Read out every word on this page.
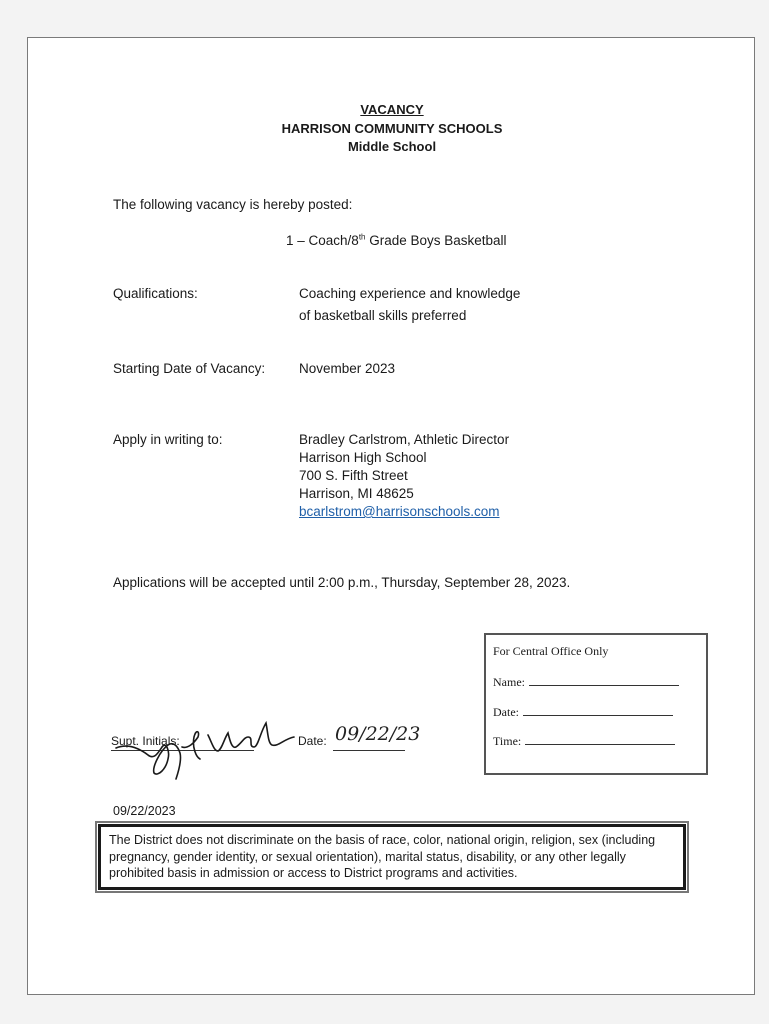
VACANCY
HARRISON COMMUNITY SCHOOLS
Middle School
The following vacancy is hereby posted:
1 – Coach/8th Grade Boys Basketball
Qualifications:	Coaching experience and knowledge
of basketball skills preferred
Starting Date of Vacancy:	November 2023
Apply in writing to:	Bradley Carlstrom, Athletic Director
Harrison High School
700 S. Fifth Street
Harrison, MI 48625
bcarlstrom@harrisonschools.com
Applications will be accepted until 2:00 p.m., Thursday, September 28, 2023.
For Central Office Only
Name:
Date:
Time:
Supt. Initials:	Date: 09/22/23
09/22/2023
The District does not discriminate on the basis of race, color, national origin, religion, sex (including pregnancy, gender identity, or sexual orientation), marital status, disability, or any other legally prohibited basis in admission or access to District programs and activities.
